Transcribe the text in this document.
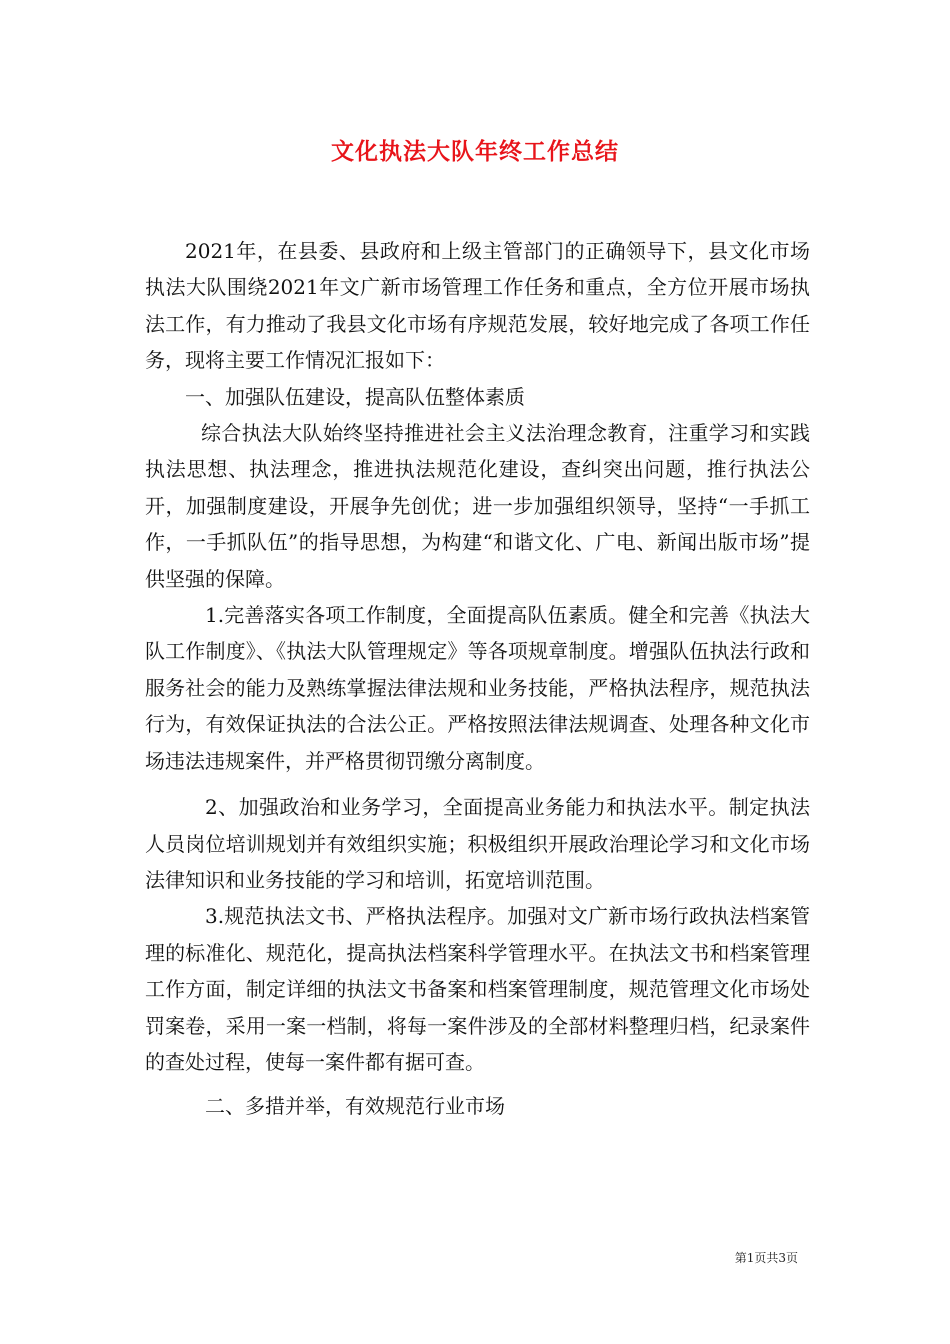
文化执法大队年终工作总结

2021年，在县委、县政府和上级主管部门的正确领导下，县文化市场执法大队围绕2021年文广新市场管理工作任务和重点，全方位开展市场执法工作，有力推动了我县文化市场有序规范发展，较好地完成了各项工作任务，现将主要工作情况汇报如下：

一、加强队伍建设，提高队伍整体素质

综合执法大队始终坚持推进社会主义法治理念教育，注重学习和实践执法思想、执法理念，推进执法规范化建设，查纠突出问题，推行执法公开，加强制度建设，开展争先创优；进一步加强组织领导，坚持“一手抓工作，一手抓队伍”的指导思想，为构建“和谐文化、广电、新闻出版市场”提供坚强的保障。

1.完善落实各项工作制度，全面提高队伍素质。健全和完善《执法大队工作制度》、《执法大队管理规定》等各项规章制度。增强队伍执法行政和服务社会的能力及熟练掌握法律法规和业务技能，严格执法程序，规范执法行为，有效保证执法的合法公正。严格按照法律法规调查、处理各种文化市场违法违规案件，并严格贯彻罚缴分离制度。

2、加强政治和业务学习，全面提高业务能力和执法水平。制定执法人员岗位培训规划并有效组织实施；积极组织开展政治理论学习和文化市场法律知识和业务技能的学习和培训，拓宽培训范围。

3.规范执法文书、严格执法程序。加强对文广新市场行政执法档案管理的标准化、规范化，提高执法档案科学管理水平。在执法文书和档案管理工作方面，制定详细的执法文书备案和档案管理制度，规范管理文化市场处罚案卷，采用一案一档制，将每一案件涉及的全部材料整理归档，纪录案件的查处过程，使每一案件都有据可查。

二、多措并举，有效规范行业市场

第1页共3页
